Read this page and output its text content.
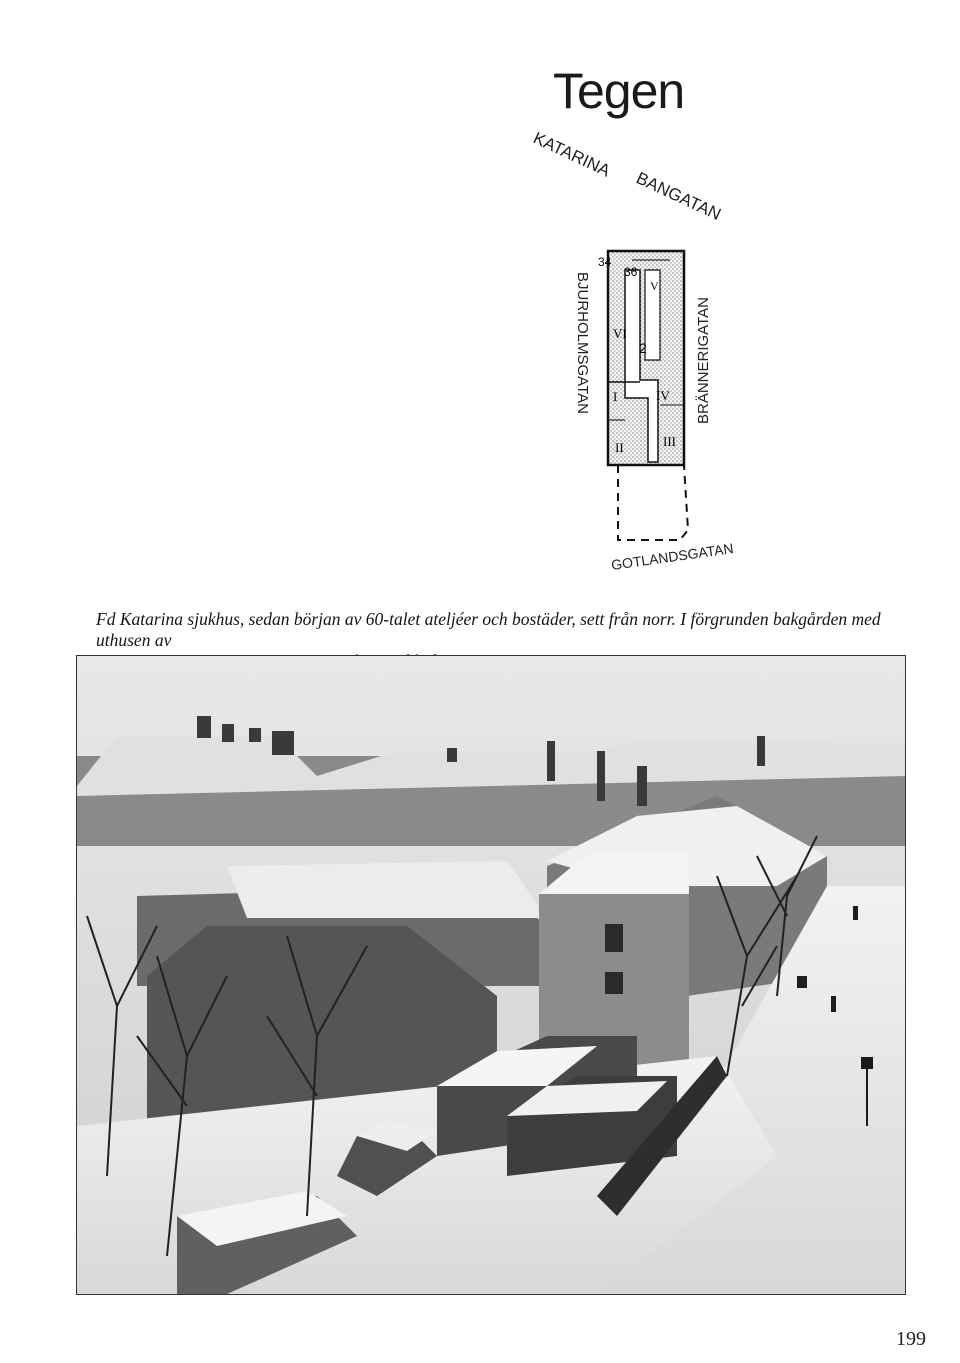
Tegen
KATARINA
BANGATAN
BJURHOLMSGATAN	BRÄNNERIGATAN
GOTLANDSGATAN
34
36
V
VI
2
I	IV
II	III
Fd Katarina sjukhus, sedan början av 60-talet ateljéer och bostäder, sett från norr. I förgrunden bakgården med uthusen av

199
